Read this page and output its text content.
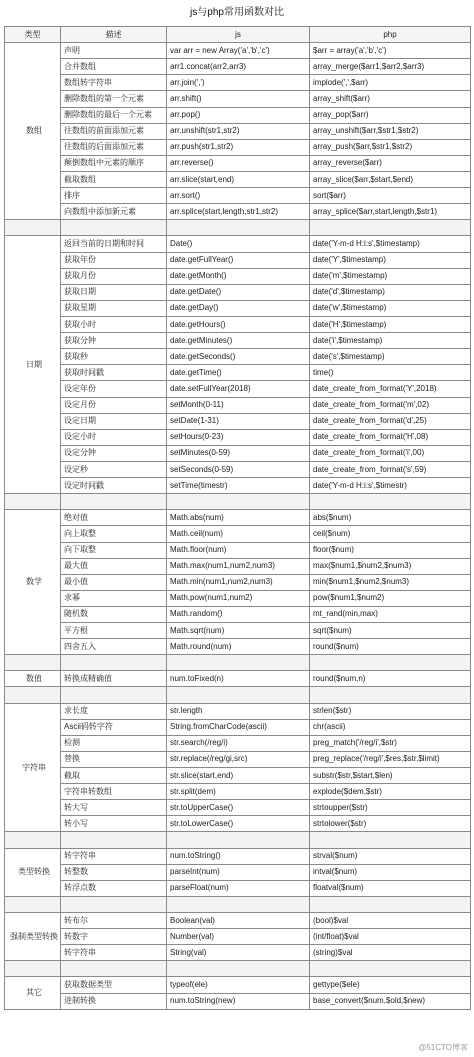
js与php常用函数对比
类型	描述	js	php
数组	声明	var arr = new Array('a','b','c')	$arr = array('a','b','c')
	合并数组	arr1.concat(arr2,arr3)	array_merge($arr1,$arr2,$arr3)
	数组转字符串	arr.join(',')	implode(',',$arr)
	删除数组的第一个元素	arr.shift()	array_shift($arr)
	删除数组的最后一个元素	arr.pop()	array_pop($arr)
	往数组的前面添加元素	arr.unshift(str1,str2)	array_unshift($arr,$str1,$str2)
	往数组的后面添加元素	arr.push(str1,str2)	array_push($arr,$str1,$str2)
	颠倒数组中元素的顺序	arr.reverse()	array_reverse($arr)
	截取数组	arr.slice(start,end)	array_slice($arr,$start,$end)
	排序	arr.sort()	sort($arr)
	向数组中添加新元素	arr.splice(start,length,str1,str2)	array_splice($arr,start,length,$str1)

日期	返回当前的日期和时间	Date()	date('Y-m-d H:i:s',$timestamp)
	获取年份	date.getFullYear()	date('Y',$timestamp)
	获取月份	date.getMonth()	date('m',$timestamp)
	获取日期	date.getDate()	date('d',$timestamp)
	获取星期	date.getDay()	date('w',$timestamp)
	获取小时	date.getHours()	date('H',$timestamp)
	获取分钟	date.getMinutes()	date('i',$timestamp)
	获取秒	date.getSeconds()	date('s',$timestamp)
	获取时间戳	date.getTime()	time()
	设定年份	date.setFullYear(2018)	date_create_from_format('Y',2018)
	设定月份	setMonth(0-11)	date_create_from_format('m',02)
	设定日期	setDate(1-31)	date_create_from_format('d',25)
	设定小时	setHours(0-23)	date_create_from_format('H',08)
	设定分钟	setMinutes(0-59)	date_create_from_format('i',00)
	设定秒	setSeconds(0-59)	date_create_from_format('s',59)
	设定时间戳	setTime(timestr)	date('Y-m-d H:i:s',$timestr)

数学	绝对值	Math.abs(num)	abs($num)
	向上取整	Math.ceil(num)	ceil($num)
	向下取整	Math.floor(num)	floor($num)
	最大值	Math.max(num1,num2,num3)	max($num1,$num2,$num3)
	最小值	Math.min(num1,num2,num3)	min($num1,$num2,$num3)
	求幂	Math.pow(num1,num2)	pow($num1,$num2)
	随机数	Math.random()	mt_rand(min,max)
	平方根	Math.sqrt(num)	sqrt($num)
	四舍五入	Math.round(num)	round($num)

数值	转换成精确值	num.toFixed(n)	round($num,n)

字符串	求长度	str.length	strlen($str)
	Ascii码转字符	String.fromCharCode(ascii)	chr(ascii)
	检测	str.search(/reg/i)	preg_match('/reg/i',$str)
	替换	str.replace(/reg/gi,src)	preg_replace('/reg/i',$res,$str,$limit)
	截取	str.slice(start,end)	substr($str,$start,$len)
	字符串转数组	str.split(dem)	explode($dem,$str)
	转大写	str.toUpperCase()	strtoupper($str)
	转小写	str.toLowerCase()	strtolower($str)

类型转换	转字符串	num.toString()	strval($num)
	转整数	parseInt(num)	intval($num)
	转浮点数	parseFloat(num)	floatval($num)

强制类型转换	转布尔	Boolean(val)	(bool)$val
	转数字	Number(val)	(int/float)$val
	转字符串	String(val)	(string)$val

其它	获取数据类型	typeof(ele)	gettype($ele)
	进制转换	num.toString(new)	base_convert($num,$old,$new)
@51CTO博客
